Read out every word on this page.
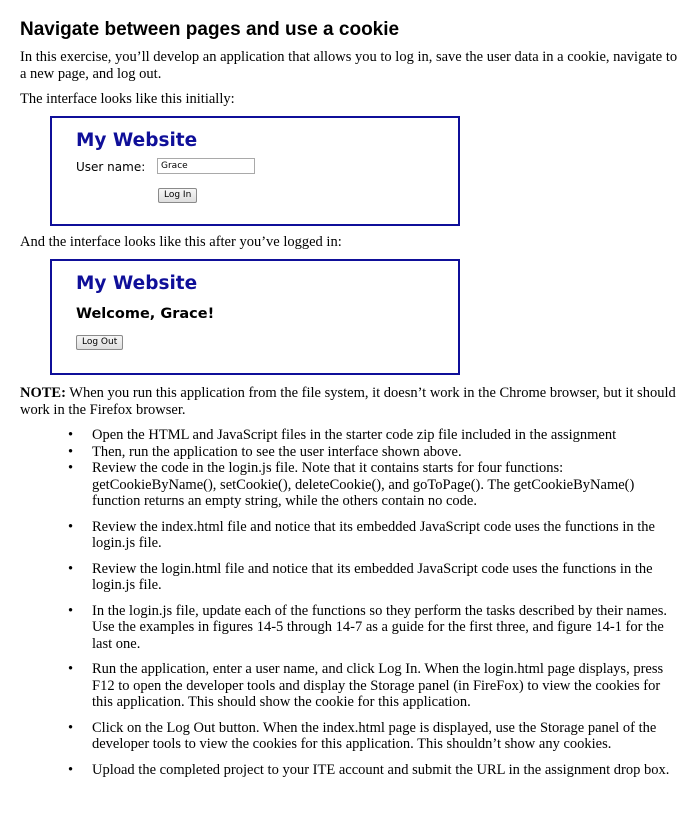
Navigate between pages and use a cookie

In this exercise, you’ll develop an application that allows you to log in, save the user data in a cookie, navigate to a new page, and log out.

The interface looks like this initially:

My Website
User name:	Grace
Log In

And the interface looks like this after you’ve logged in:

My Website
Welcome, Grace!
Log Out

NOTE: When you run this application from the file system, it doesn’t work in the Chrome browser, but it should work in the Firefox browser.

• Open the HTML and JavaScript files in the starter code zip file included in the assignment
• Then, run the application to see the user interface shown above.
• Review the code in the login.js file. Note that it contains starts for four functions: getCookieByName(), setCookie(), deleteCookie(), and goToPage(). The getCookieByName() function returns an empty string, while the others contain no code.
• Review the index.html file and notice that its embedded JavaScript code uses the functions in the login.js file.
• Review the login.html file and notice that its embedded JavaScript code uses the functions in the login.js file.
• In the login.js file, update each of the functions so they perform the tasks described by their names. Use the examples in figures 14-5 through 14-7 as a guide for the first three, and figure 14-1 for the last one.
• Run the application, enter a user name, and click Log In. When the login.html page displays, press F12 to open the developer tools and display the Storage panel (in FireFox) to view the cookies for this application. This should show the cookie for this application.
• Click on the Log Out button. When the index.html page is displayed, use the Storage panel of the developer tools to view the cookies for this application. This shouldn’t show any cookies.
• Upload the completed project to your ITE account and submit the URL in the assignment drop box.
